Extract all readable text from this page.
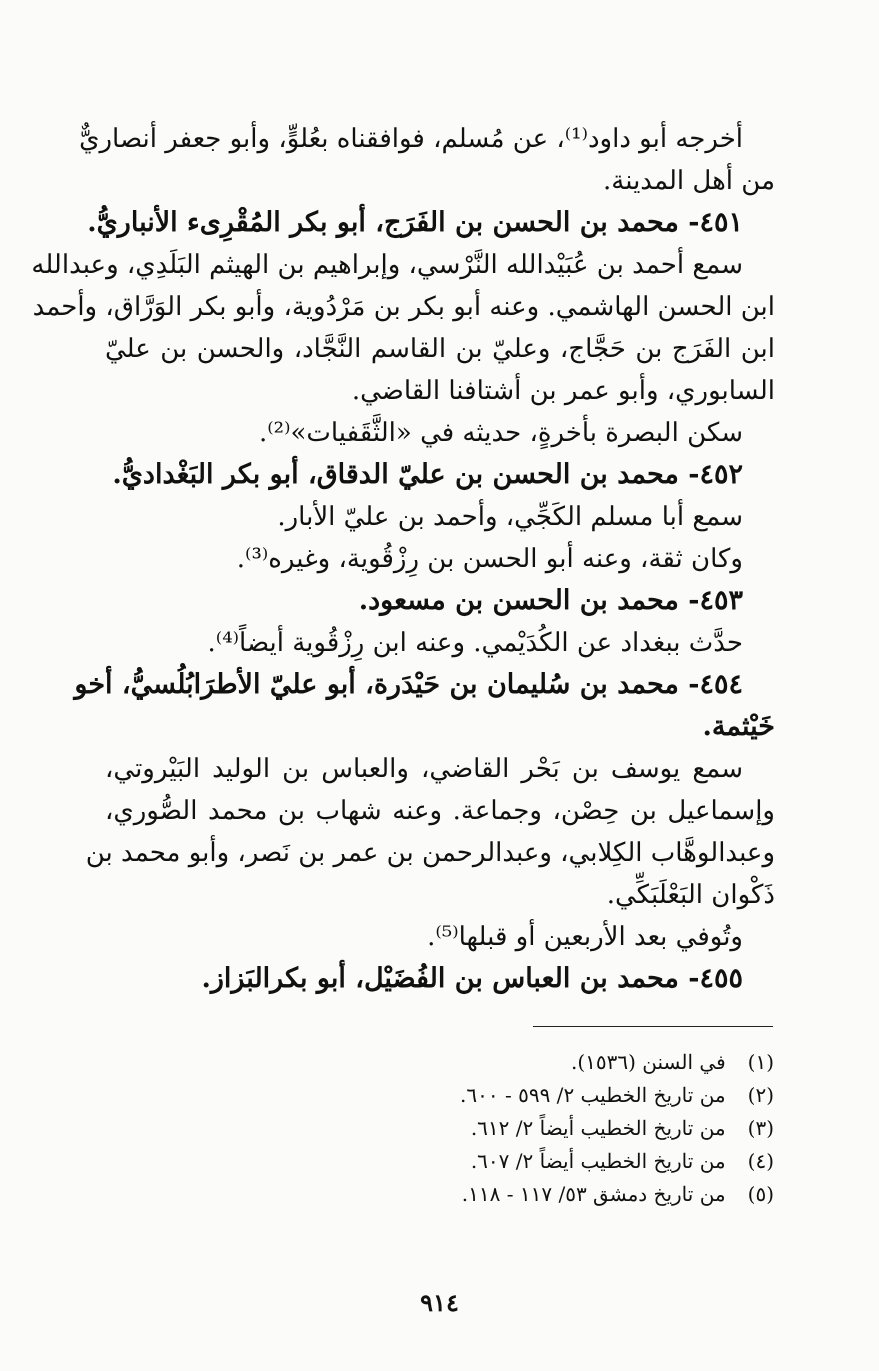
أخرجه أبو داود⁽¹⁾، عن مُسلم، فوافقناه بعُلوٍّ، وأبو جعفر أنصاريٌّ
من أهل المدينة.
٤٥١- محمد بن الحسن بن الفَرَج، أبو بكر المُقْرِىء الأنباريُّ.
سمع أحمد بن عُبَيْدالله النَّرْسي، وإبراهيم بن الهيثم البَلَدِي، وعبدالله
ابن الحسن الهاشمي. وعنه أبو بكر بن مَرْدُوية، وأبو بكر الوَرَّاق، وأحمد
ابن الفَرَج بن حَجَّاج، وعليّ بن القاسم النَّجَّاد، والحسن بن عليّ
السابوري، وأبو عمر بن أشتافنا القاضي.
سكن البصرة بأخرةٍ، حديثه في «الثَّقَفيات»⁽²⁾.
٤٥٢- محمد بن الحسن بن عليّ الدقاق، أبو بكر البَغْداديُّ.
سمع أبا مسلم الكَجِّي، وأحمد بن عليّ الأبار.
وكان ثقة، وعنه أبو الحسن بن رِزْقُوية، وغيره⁽³⁾.
٤٥٣- محمد بن الحسن بن مسعود.
حدَّث ببغداد عن الكُدَيْمي. وعنه ابن رِزْقُوية أيضاً⁽⁴⁾.
٤٥٤- محمد بن سُليمان بن حَيْدَرة، أبو عليّ الأطرَابُلُسيُّ، أخو
خَيْثمة.
سمع يوسف بن بَحْر القاضي، والعباس بن الوليد البَيْروتي،
وإسماعيل بن حِصْن، وجماعة. وعنه شهاب بن محمد الصُّوري،
وعبدالوهَّاب الكِلابي، وعبدالرحمن بن عمر بن نَصر، وأبو محمد بن
ذَكْوان البَعْلَبَكِّي.
وتُوفي بعد الأربعين أو قبلها⁽⁵⁾.
٤٥٥- محمد بن العباس بن الفُضَيْل، أبو بكرالبَزاز.
(١) في السنن (١٥٣٦).
(٢) من تاريخ الخطيب ٢/ ٥٩٩ - ٦٠٠.
(٣) من تاريخ الخطيب أيضاً ٢/ ٦١٢.
(٤) من تاريخ الخطيب أيضاً ٢/ ٦٠٧.
(٥) من تاريخ دمشق ٥٣/ ١١٧ - ١١٨.
٩١٤
